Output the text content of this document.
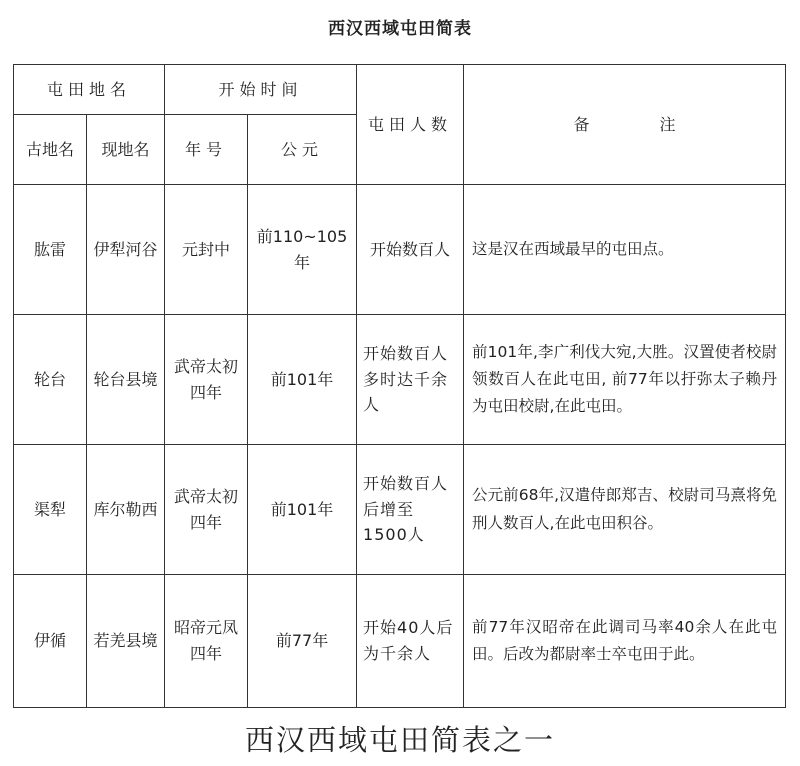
西汉西域屯田简表
屯田地名		开始时间		屯田人数	备注
古地名	现地名	年号	公元		
肱雷	伊犁河谷	元封中	前110~105年	开始数百人	这是汉在西域最早的屯田点。
轮台	轮台县境	武帝太初四年	前101年	开始数百人多时达千余人	前101年,李广利伐大宛,大胜。汉置使者校尉领数百人在此屯田, 前77年以扜弥太子赖丹为屯田校尉,在此屯田。
渠犁	库尔勒西	武帝太初四年	前101年	开始数百人后增至1500人	公元前68年,汉遣侍郎郑吉、校尉司马熹将免刑人数百人,在此屯田积谷。
伊循	若羌县境	昭帝元凤四年	前77年	开始40人后为千余人	前77年汉昭帝在此调司马率40余人在此屯田。后改为都尉率士卒屯田于此。
西汉西域屯田简表之一
